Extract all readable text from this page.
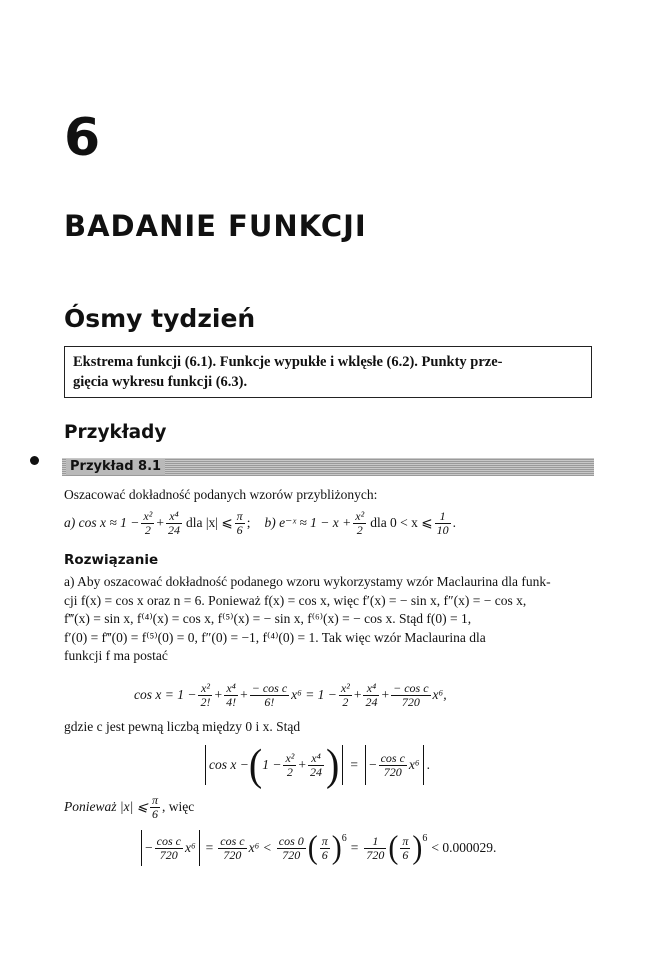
6
BADANIE FUNKCJI
Ósmy tydzień
Ekstrema funkcji (6.1). Funkcje wypukłe i wklęsłe (6.2). Punkty prze-
gięcia wykresu funkcji (6.3).
Przykłady
Przykład 8.1
Oszacować dokładność podanych wzorów przybliżonych:
a) $\cos x \approx 1 - \frac{\text{x²}}{2} + \frac{\text{x⁴}}{24}$ dla |x| ⩽ $\frac{\pi}{6}$ ; b) e⁻ˣ ≈ $1 - x + \frac{\text{x²}}{2}$ dla 0 < x ⩽ $\frac{1}{10}$ .
Rozwiązanie
a) Aby oszacować dokładność podanego wzoru wykorzystamy wzór Maclaurina dla funk-
cji f(x) = cos x oraz n = 6. Ponieważ f(x) = cos x, więc f′(x) = − sin x, f″(x) = − cos x,
f‴(x) = sin x, f⁽⁴⁾(x) = cos x, f⁽⁵⁾(x) = − sin x, f⁽⁶⁾(x) = − cos x. Stąd f(0) = 1,
f′(0) = f‴(0) = f⁽⁵⁾(0) = 0, f″(0) = −1, f⁽⁴⁾(0) = 1. Tak więc wzór Maclaurina dla
funkcji f ma postać
$\cos x = 1 - \frac{\text{x²}}{2!} + \frac{\text{x⁴}}{4!} + \frac{\text{− cos c}}{6!} x^6 = 1 - \frac{\text{x²}}{2} + \frac{\text{x⁴}}{24} + \frac{\text{− cos c}}{720} x^6$,
gdzie c jest pewną liczbą między 0 i x. Stąd
cos x − ( $1 - \frac{\text{x²}}{2} + \frac{\text{x⁴}}{24}$ ) = − $\frac{\text{cos c}}{720} x^6$ .
Ponieważ |x| ⩽ $\frac{\pi}{6}$ , więc
− $\frac{\text{cos c}}{720} x^6 = \frac{\text{cos c}}{720} x^6 < \frac{\cos 0}{720}$ ( $\frac{\pi}{6} )^6$
= $\frac{1}{720}$ ( $\frac{\pi}{6} )^6$
< 0.000029.
